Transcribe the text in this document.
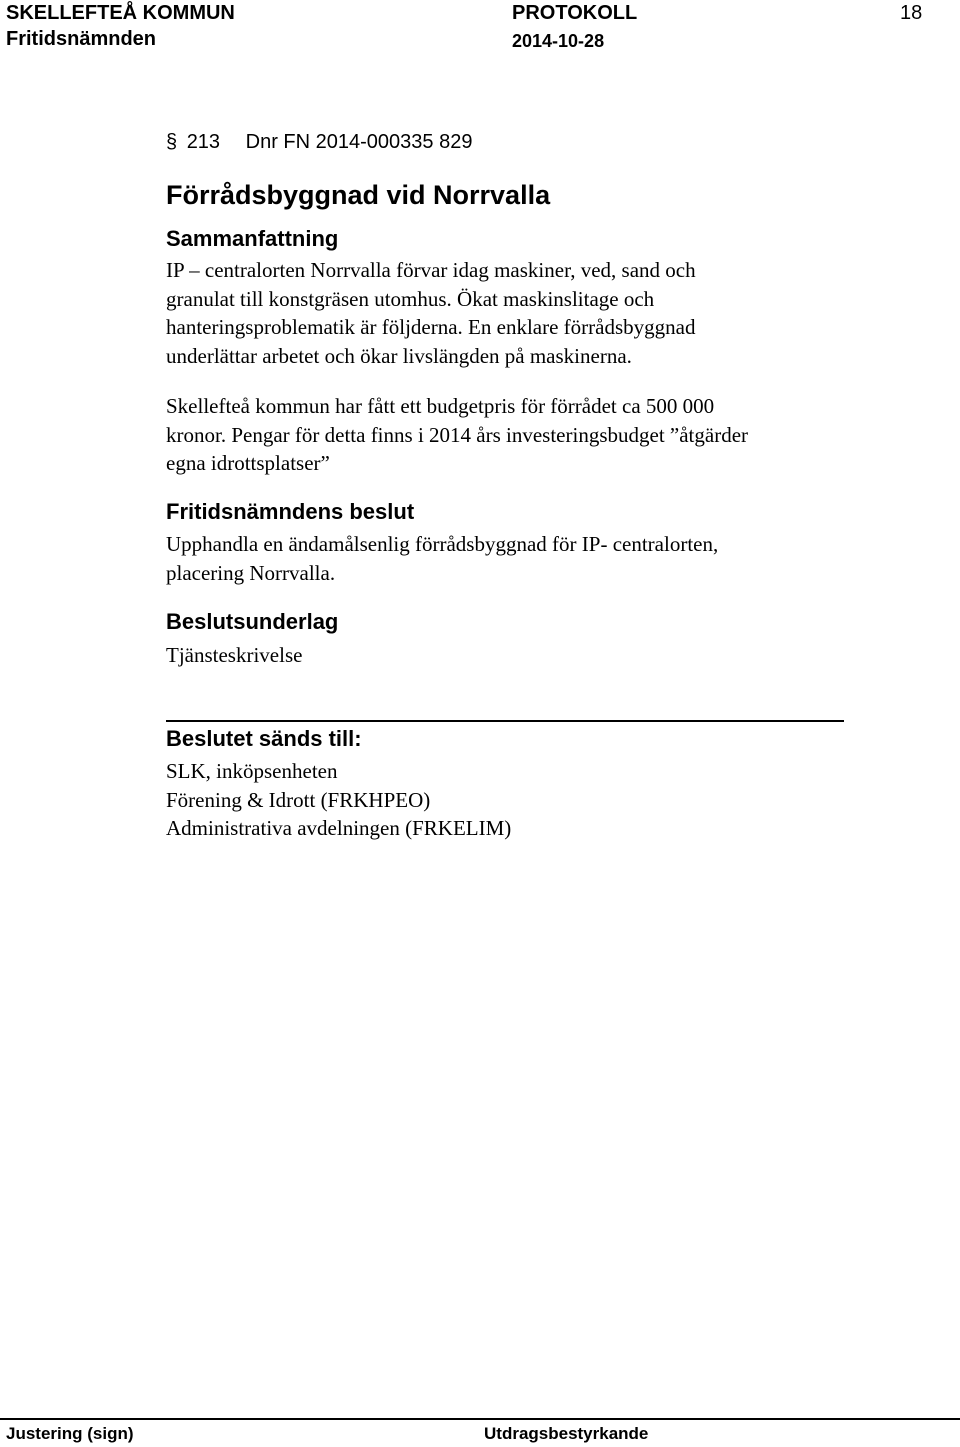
SKELLEFTEÅ KOMMUN	PROTOKOLL	18
Fritidsnämnden	2014-10-28
§ 213 Dnr FN 2014-000335 829
Förrådsbyggnad vid Norrvalla
Sammanfattning
IP – centralorten Norrvalla förvar idag maskiner, ved, sand och
granulat till konstgräsen utomhus. Ökat maskinslitage och
hanteringsproblematik är följderna. En enklare förrådsbyggnad
underlättar arbetet och ökar livslängden på maskinerna.
Skellefteå kommun har fått ett budgetpris för förrådet ca 500 000
kronor. Pengar för detta finns i 2014 års investeringsbudget ”åtgärder
egna idrottsplatser”
Fritidsnämndens beslut
Upphandla en ändamålsenlig förrådsbyggnad för IP- centralorten,
placering Norrvalla.
Beslutsunderlag
Tjänsteskrivelse
Beslutet sänds till:
SLK, inköpsenheten
Förening & Idrott (FRKHPEO)
Administrativa avdelningen (FRKELIM)
Justering (sign)	Utdragsbestyrkande
